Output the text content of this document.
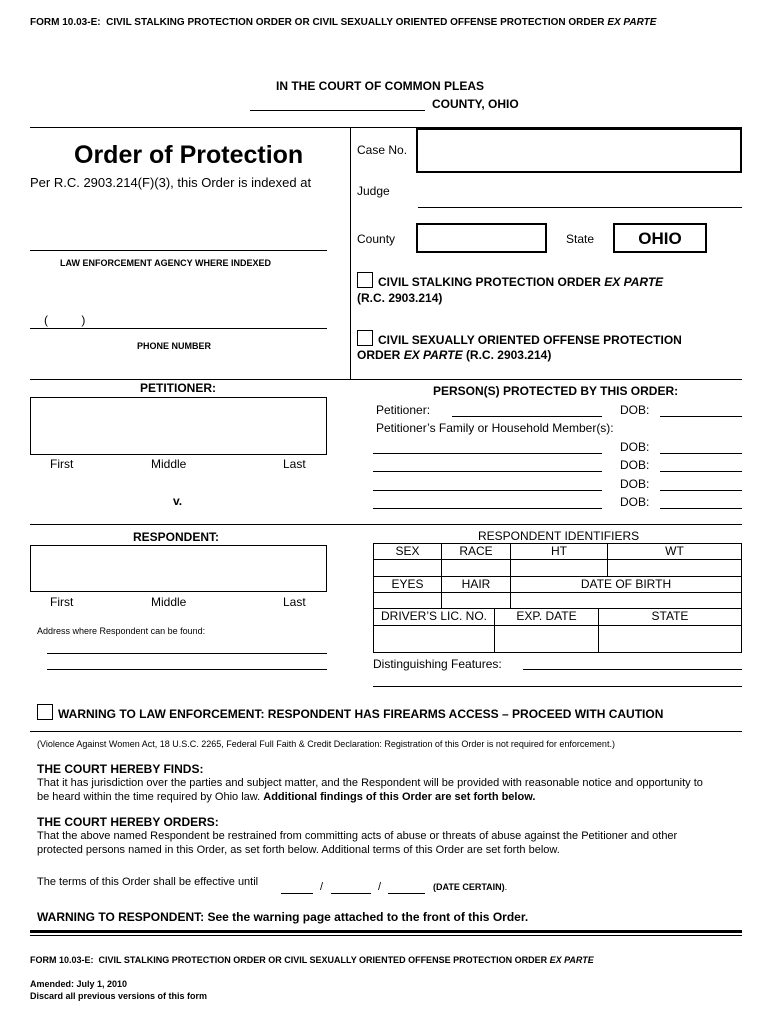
FORM 10.03-E: CIVIL STALKING PROTECTION ORDER OR CIVIL SEXUALLY ORIENTED OFFENSE PROTECTION ORDER EX PARTE
IN THE COURT OF COMMON PLEAS
COUNTY, OHIO
Order of Protection
Per R.C. 2903.214(F)(3), this Order is indexed at
LAW ENFORCEMENT AGENCY WHERE INDEXED
(          )
PHONE NUMBER
Case No.
Judge
County	State	OHIO
CIVIL STALKING PROTECTION ORDER EX PARTE
(R.C. 2903.214)
CIVIL SEXUALLY ORIENTED OFFENSE PROTECTION
ORDER EX PARTE (R.C. 2903.214)
PETITIONER:
First	Middle	Last
v.
PERSON(S) PROTECTED BY THIS ORDER:
Petitioner:	DOB:
Petitioner’s Family or Household Member(s):
DOB:
DOB:
DOB:
DOB:
RESPONDENT:
First	Middle	Last
Address where Respondent can be found:
RESPONDENT IDENTIFIERS
SEX	RACE	HT	WT
EYES	HAIR	DATE OF BIRTH
DRIVER’S LIC. NO.	EXP. DATE	STATE
Distinguishing Features:
WARNING TO LAW ENFORCEMENT: RESPONDENT HAS FIREARMS ACCESS – PROCEED WITH CAUTION
(Violence Against Women Act, 18 U.S.C. 2265, Federal Full Faith & Credit Declaration: Registration of this Order is not required for enforcement.)
THE COURT HEREBY FINDS:
That it has jurisdiction over the parties and subject matter, and the Respondent will be provided with reasonable notice and opportunity to
be heard within the time required by Ohio law. Additional findings of this Order are set forth below.
THE COURT HEREBY ORDERS:
That the above named Respondent be restrained from committing acts of abuse or threats of abuse against the Petitioner and other
protected persons named in this Order, as set forth below. Additional terms of this Order are set forth below.
The terms of this Order shall be effective until	/	/	(DATE CERTAIN).
WARNING TO RESPONDENT: See the warning page attached to the front of this Order.
FORM 10.03-E: CIVIL STALKING PROTECTION ORDER OR CIVIL SEXUALLY ORIENTED OFFENSE PROTECTION ORDER EX PARTE
Amended: July 1, 2010
Discard all previous versions of this form
